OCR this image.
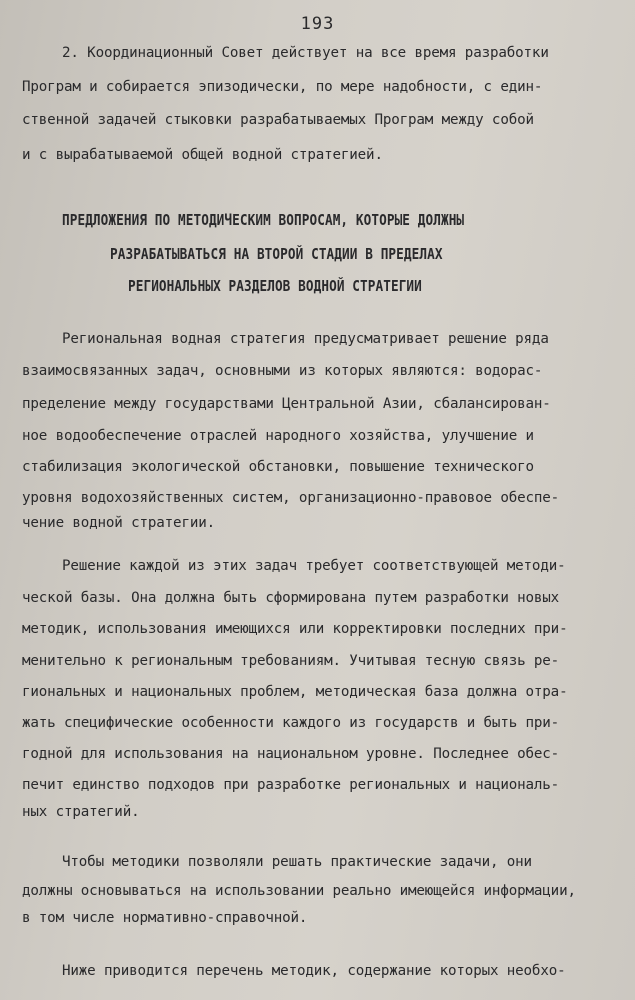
193
2. Координационный Совет действует на все время разработки
Програм и собирается эпизодически, по мере надобности, с един-
ственной задачей стыковки разрабатываемых Програм между собой
и с вырабатываемой общей водной стратегией.
ПРЕДЛОЖЕНИЯ ПО МЕТОДИЧЕСКИМ ВОПРОСАМ, КОТОРЫЕ ДОЛЖНЫ
РАЗРАБАТЫВАТЬСЯ НА ВТОРОЙ СТАДИИ В ПРЕДЕЛАХ
РЕГИОНАЛЬНЫХ РАЗДЕЛОВ ВОДНОЙ СТРАТЕГИИ
Региональная водная стратегия предусматривает решение ряда
взаимосвязанных задач, основными из которых являются: водорас-
пределение между государствами Центральной Азии, сбалансирован-
ное водообеспечение отраслей народного хозяйства, улучшение и
стабилизация экологической обстановки, повышение технического
уровня водохозяйственных систем, организационно-правовое обеспе-
чение водной стратегии.
Решение каждой из этих задач требует соответствующей методи-
ческой базы. Она должна быть сформирована путем разработки новых
методик, использования имеющихся или корректировки последних при-
менительно к региональным требованиям. Учитывая тесную связь ре-
гиональных и национальных проблем, методическая база должна отра-
жать специфические особенности каждого из государств и быть при-
годной для использования на национальном уровне. Последнее обес-
печит единство подходов при разработке региональных и националь-
ных стратегий.
Чтобы методики позволяли решать практические задачи, они
должны основываться на использовании реально имеющейся информации,
в том числе нормативно-справочной.
Ниже приводится перечень методик, содержание которых необхо-
